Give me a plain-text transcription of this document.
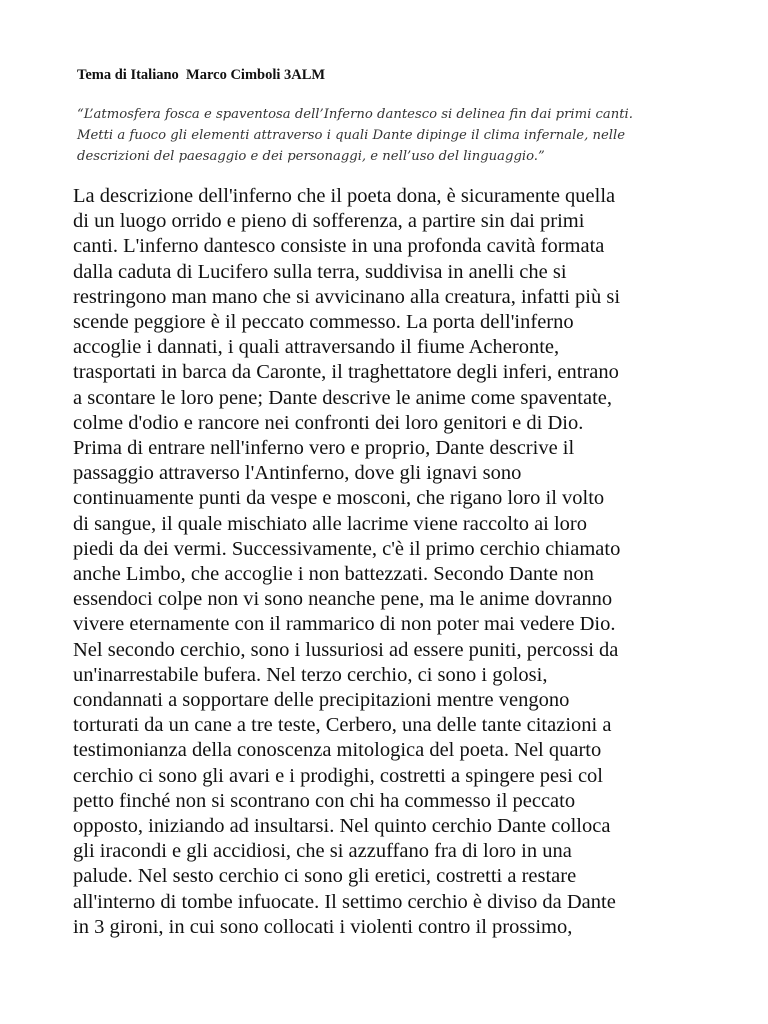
Tema di Italiano  Marco Cimboli 3ALM
“L’atmosfera fosca e spaventosa dell’Inferno dantesco si delinea fin dai primi canti.
Metti a fuoco gli elementi attraverso i quali Dante dipinge il clima infernale, nelle
descrizioni del paesaggio e dei personaggi, e nell’uso del linguaggio.”
La descrizione dell'inferno che il poeta dona, è sicuramente quella
di un luogo orrido e pieno di sofferenza, a partire sin dai primi
canti. L'inferno dantesco consiste in una profonda cavità formata
dalla caduta di Lucifero sulla terra, suddivisa in anelli che si
restringono man mano che si avvicinano alla creatura, infatti più si
scende peggiore è il peccato commesso. La porta dell'inferno
accoglie i dannati, i quali attraversando il fiume Acheronte,
trasportati in barca da Caronte, il traghettatore degli inferi, entrano
a scontare le loro pene; Dante descrive le anime come spaventate,
colme d'odio e rancore nei confronti dei loro genitori e di Dio.
Prima di entrare nell'inferno vero e proprio, Dante descrive il
passaggio attraverso l'Antinferno, dove gli ignavi sono
continuamente punti da vespe e mosconi, che rigano loro il volto
di sangue, il quale mischiato alle lacrime viene raccolto ai loro
piedi da dei vermi. Successivamente, c'è il primo cerchio chiamato
anche Limbo, che accoglie i non battezzati. Secondo Dante non
essendoci colpe non vi sono neanche pene, ma le anime dovranno
vivere eternamente con il rammarico di non poter mai vedere Dio.
Nel secondo cerchio, sono i lussuriosi ad essere puniti, percossi da
un'inarrestabile bufera. Nel terzo cerchio, ci sono i golosi,
condannati a sopportare delle precipitazioni mentre vengono
torturati da un cane a tre teste, Cerbero, una delle tante citazioni a
testimonianza della conoscenza mitologica del poeta. Nel quarto
cerchio ci sono gli avari e i prodighi, costretti a spingere pesi col
petto finché non si scontrano con chi ha commesso il peccato
opposto, iniziando ad insultarsi. Nel quinto cerchio Dante colloca
gli iracondi e gli accidiosi, che si azzuffano fra di loro in una
palude. Nel sesto cerchio ci sono gli eretici, costretti a restare
all'interno di tombe infuocate. Il settimo cerchio è diviso da Dante
in 3 gironi, in cui sono collocati i violenti contro il prossimo,
